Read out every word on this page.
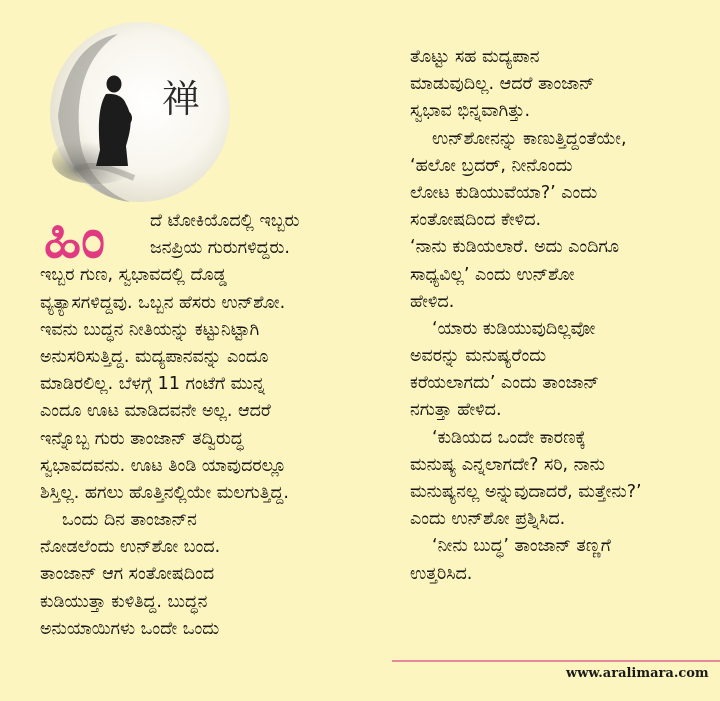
禅
ಹಿಂ	ದೆ ಟೋಕಿಯೊದಲ್ಲಿ ಇಬ್ಬರು
ಜನಪ್ರಿಯ ಗುರುಗಳಿದ್ದರು.
ಇಬ್ಬರ ಗುಣ, ಸ್ವಭಾವದಲ್ಲಿ ದೊಡ್ಡ
ವ್ಯತ್ಯಾಸಗಳಿದ್ದವು. ಒಬ್ಬನ ಹೆಸರು ಉನ್‌ಶೋ.
ಇವನು ಬುದ್ಧನ ನೀತಿಯನ್ನು ಕಟ್ಟುನಿಟ್ಟಾಗಿ
ಅನುಸರಿಸುತ್ತಿದ್ದ. ಮದ್ಯಪಾನವನ್ನು ಎಂದೂ
ಮಾಡಿರಲಿಲ್ಲ. ಬೆಳಗ್ಗೆ 11 ಗಂಟೆಗೆ ಮುನ್ನ
ಎಂದೂ ಊಟ ಮಾಡಿದವನೇ ಅಲ್ಲ. ಆದರೆ
ಇನ್ನೊಬ್ಬ ಗುರು ತಾಂಜಾನ್ ತದ್ವಿರುದ್ಧ
ಸ್ವಭಾವದವನು. ಊಟ ತಿಂಡಿ ಯಾವುದರಲ್ಲೂ
ಶಿಸ್ತಿಲ್ಲ. ಹಗಲು ಹೊತ್ತಿನಲ್ಲಿಯೇ ಮಲಗುತ್ತಿದ್ದ.
ಒಂದು ದಿನ ತಾಂಜಾನ್‌ನ
ನೋಡಲೆಂದು ಉನ್‌ಶೋ ಬಂದ.
ತಾಂಜಾನ್ ಆಗ ಸಂತೋಷದಿಂದ
ಕುಡಿಯುತ್ತಾ ಕುಳಿತಿದ್ದ. ಬುದ್ಧನ
ಅನುಯಾಯಿಗಳು ಒಂದೇ ಒಂದು
ತೊಟ್ಟು ಸಹ ಮದ್ಯಪಾನ
ಮಾಡುವುದಿಲ್ಲ. ಆದರೆ ತಾಂಜಾನ್
ಸ್ವಭಾವ ಭಿನ್ನವಾಗಿತ್ತು.
ಉನ್‌ಶೋನನ್ನು ಕಾಣುತ್ತಿದ್ದಂತೆಯೇ,
‘ಹಲೋ ಬ್ರದರ್, ನೀನೊಂದು
ಲೋಟ ಕುಡಿಯುವೆಯಾ?’ ಎಂದು
ಸಂತೋಷದಿಂದ ಕೇಳಿದ.
‘ನಾನು ಕುಡಿಯಲಾರೆ. ಅದು ಎಂದಿಗೂ
ಸಾಧ್ಯವಿಲ್ಲ’ ಎಂದು ಉನ್‌ಶೋ
ಹೇಳಿದ.
‘ಯಾರು ಕುಡಿಯುವುದಿಲ್ಲವೋ
ಅವರನ್ನು ಮನುಷ್ಯರೆಂದು
ಕರೆಯಲಾಗದು’ ಎಂದು ತಾಂಜಾನ್
ನಗುತ್ತಾ ಹೇಳಿದ.
‘ಕುಡಿಯದ ಒಂದೇ ಕಾರಣಕ್ಕೆ
ಮನುಷ್ಯ ಎನ್ನಲಾಗದೇ? ಸರಿ, ನಾನು
ಮನುಷ್ಯನಲ್ಲ ಅನ್ನುವುದಾದರೆ, ಮತ್ತೇನು?’
ಎಂದು ಉನ್‌ಶೋ ಪ್ರಶ್ನಿಸಿದ.
‘ನೀನು ಬುದ್ಧ’ ತಾಂಜಾನ್ ತಣ್ಣಗೆ
ಉತ್ತರಿಸಿದ.
www.aralimara.com
